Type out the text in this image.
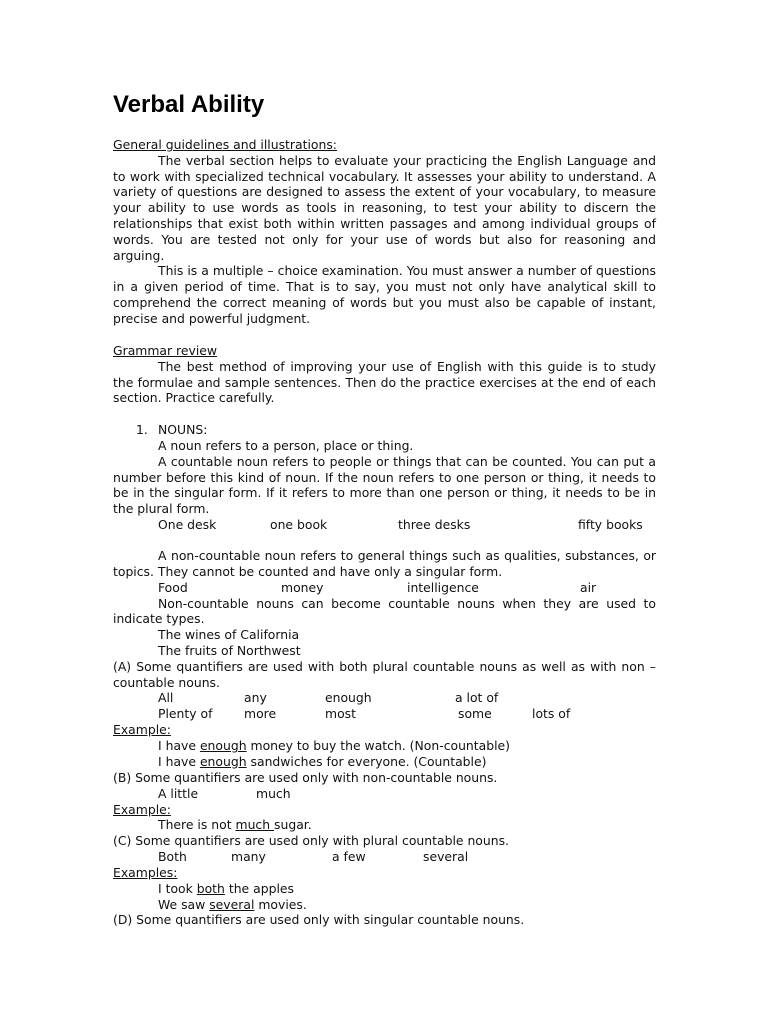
Verbal Ability

General guidelines and illustrations:

The verbal section helps to evaluate your practicing the English Language and to work with specialized technical vocabulary. It assesses your ability to understand. A variety of questions are designed to assess the extent of your vocabulary, to measure your ability to use words as tools in reasoning, to test your ability to discern the relationships that exist both within written passages and among individual groups of words. You are tested not only for your use of words but also for reasoning and arguing.

This is a multiple – choice examination. You must answer a number of questions in a given period of time. That is to say, you must not only have analytical skill to comprehend the correct meaning of words but you must also be capable of instant, precise and powerful judgment.

Grammar review

The best method of improving your use of English with this guide is to study the formulae and sample sentences. Then do the practice exercises at the end of each section. Practice carefully.

1. NOUNS:

A noun refers to a person, place or thing.

A countable noun refers to people or things that can be counted. You can put a number before this kind of noun. If the noun refers to one person or thing, it needs to be in the singular form. If it refers to more than one person or thing, it needs to be in the plural form.

One desk	one book	three desks	fifty books

A non-countable noun refers to general things such as qualities, substances, or topics. They cannot be counted and have only a singular form.

Food	money	intelligence	air

Non-countable nouns can become countable nouns when they are used to indicate types.

The wines of California

The fruits of Northwest

(A) Some quantifiers are used with both plural countable nouns as well as with non – countable nouns.

All	any	enough	a lot of
Plenty of	more	most	some	lots of

Example:

I have enough money to buy the watch. (Non-countable)

I have enough sandwiches for everyone. (Countable)

(B) Some quantifiers are used only with non-countable nouns.

A little	much

Example:

There is not much sugar.

(C) Some quantifiers are used only with plural countable nouns.

Both	many	a few	several

Examples:

I took both the apples

We saw several movies.

(D) Some quantifiers are used only with singular countable nouns.
